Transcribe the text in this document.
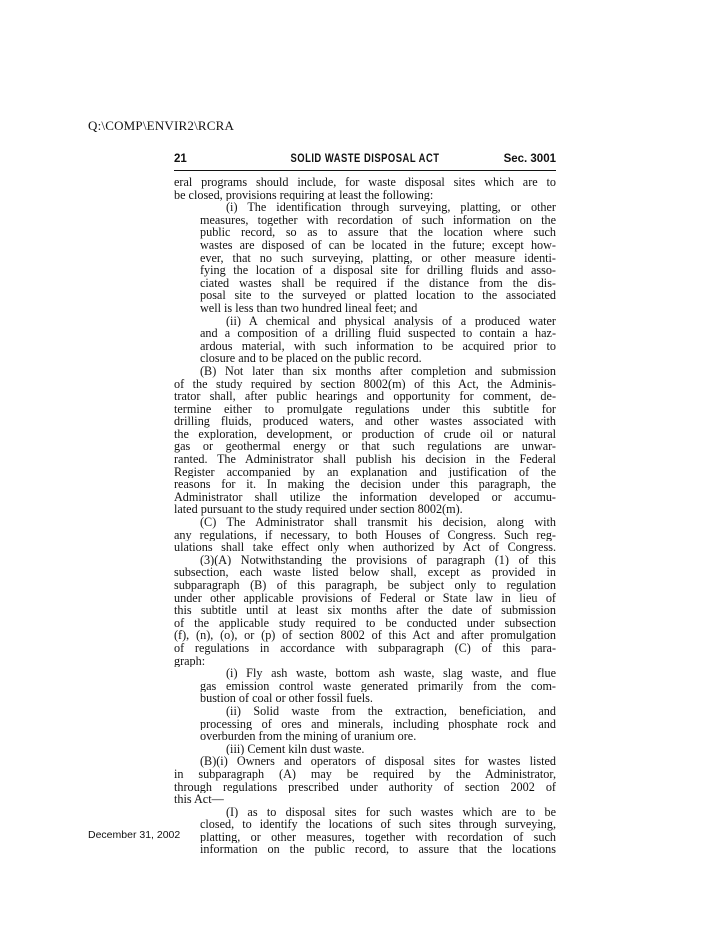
Q:\COMP\ENVIR2\RCRA
21	SOLID WASTE DISPOSAL ACT	Sec. 3001
eral programs should include, for waste disposal sites which are to
be closed, provisions requiring at least the following:
(i) The identification through surveying, platting, or other
measures, together with recordation of such information on the
public record, so as to assure that the location where such
wastes are disposed of can be located in the future; except how-
ever, that no such surveying, platting, or other measure identi-
fying the location of a disposal site for drilling fluids and asso-
ciated wastes shall be required if the distance from the dis-
posal site to the surveyed or platted location to the associated
well is less than two hundred lineal feet; and
(ii) A chemical and physical analysis of a produced water
and a composition of a drilling fluid suspected to contain a haz-
ardous material, with such information to be acquired prior to
closure and to be placed on the public record.
(B) Not later than six months after completion and submission
of the study required by section 8002(m) of this Act, the Adminis-
trator shall, after public hearings and opportunity for comment, de-
termine either to promulgate regulations under this subtitle for
drilling fluids, produced waters, and other wastes associated with
the exploration, development, or production of crude oil or natural
gas or geothermal energy or that such regulations are unwar-
ranted. The Administrator shall publish his decision in the Federal
Register accompanied by an explanation and justification of the
reasons for it. In making the decision under this paragraph, the
Administrator shall utilize the information developed or accumu-
lated pursuant to the study required under section 8002(m).
(C) The Administrator shall transmit his decision, along with
any regulations, if necessary, to both Houses of Congress. Such reg-
ulations shall take effect only when authorized by Act of Congress.
(3)(A) Notwithstanding the provisions of paragraph (1) of this
subsection, each waste listed below shall, except as provided in
subparagraph (B) of this paragraph, be subject only to regulation
under other applicable provisions of Federal or State law in lieu of
this subtitle until at least six months after the date of submission
of the applicable study required to be conducted under subsection
(f), (n), (o), or (p) of section 8002 of this Act and after promulgation
of regulations in accordance with subparagraph (C) of this para-
graph:
(i) Fly ash waste, bottom ash waste, slag waste, and flue
gas emission control waste generated primarily from the com-
bustion of coal or other fossil fuels.
(ii) Solid waste from the extraction, beneficiation, and
processing of ores and minerals, including phosphate rock and
overburden from the mining of uranium ore.
(iii) Cement kiln dust waste.
(B)(i) Owners and operators of disposal sites for wastes listed
in subparagraph (A) may be required by the Administrator,
through regulations prescribed under authority of section 2002 of
this Act—
(I) as to disposal sites for such wastes which are to be
closed, to identify the locations of such sites through surveying,
platting, or other measures, together with recordation of such
information on the public record, to assure that the locations
December 31, 2002
